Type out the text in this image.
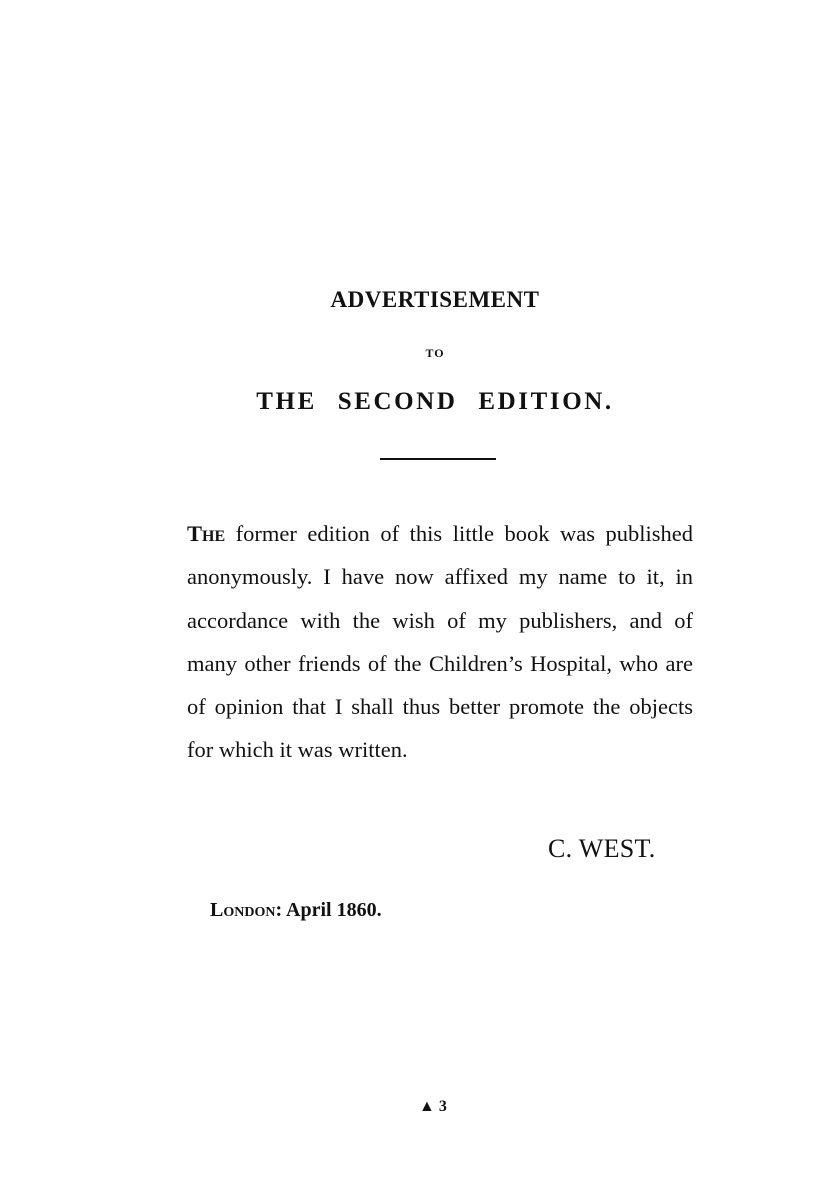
ADVERTISEMENT
TO
THE SECOND EDITION.

The former edition of this little book was published anonymously. I have now affixed my name to it, in accordance with the wish of my publishers, and of many other friends of the Children’s Hospital, who are of opinion that I shall thus better promote the objects for which it was written.

C. WEST.
London: April 1860.
▲ 3
